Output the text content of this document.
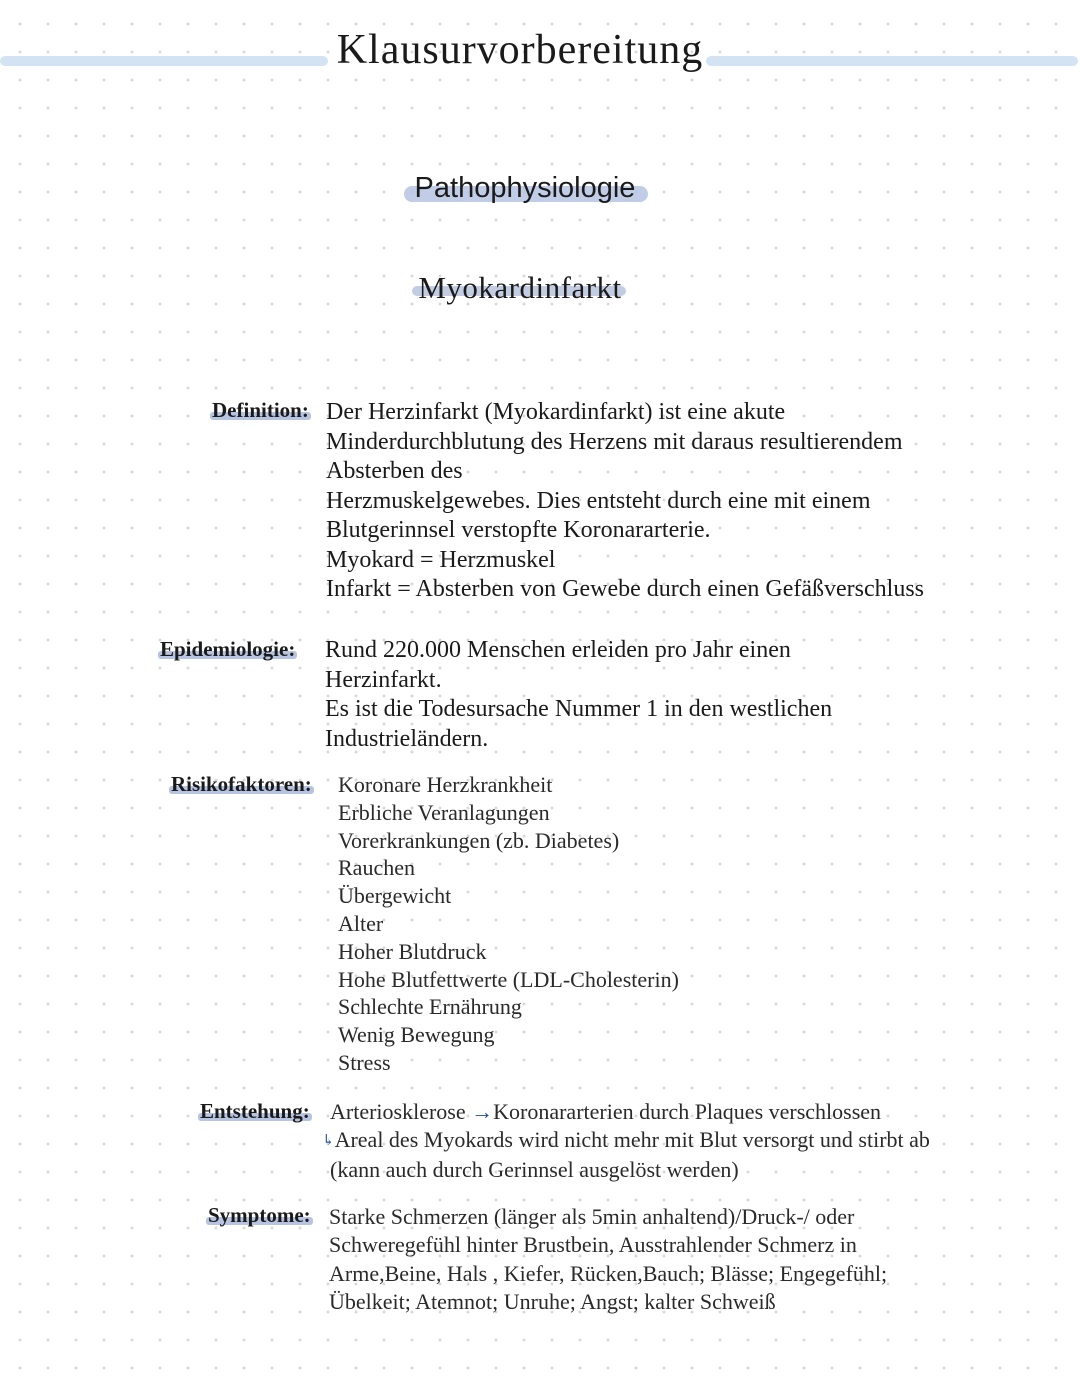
Klausurvorbereitung
Pathophysiologie
Myokardinfarkt
Definition: Der Herzinfarkt (Myokardinfarkt) ist eine akute

Minderdurchblutung des Herzens mit daraus resultierendem

Absterben des

Herzmuskelgewebes. Dies entsteht durch eine mit einem

Blutgerinnsel verstopfte Koronararterie.

Myokard = Herzmuskel

Infarkt = Absterben von Gewebe durch einen Gefäßverschluss

Epidemiologie: Rund 220.000 Menschen erleiden pro Jahr einen

Herzinfarkt.

Es ist die Todesursache Nummer 1 in den westlichen

Industrieländern.

Risikofaktoren: Koronare Herzkrankheit

Erbliche Veranlagungen

Vorerkrankungen (zb. Diabetes)

Rauchen

Übergewicht

Alter

Hoher Blutdruck

Hohe Blutfettwerte (LDL-Cholesterin)

Schlechte Ernährung

Wenig Bewegung

Stress

Entstehung: Arteriosklerose →Koronararterien durch Plaques verschlossen

↳Areal des Myokards wird nicht mehr mit Blut versorgt und stirbt ab

(kann auch durch Gerinnsel ausgelöst werden)

Symptome: Starke Schmerzen (länger als 5min anhaltend)/Druck-/ oder

Schweregefühl hinter Brustbein, Ausstrahlender Schmerz in

Arme,Beine, Hals , Kiefer, Rücken,Bauch; Blässe; Engegefühl;

Übelkeit; Atemnot; Unruhe; Angst; kalter Schweiß
